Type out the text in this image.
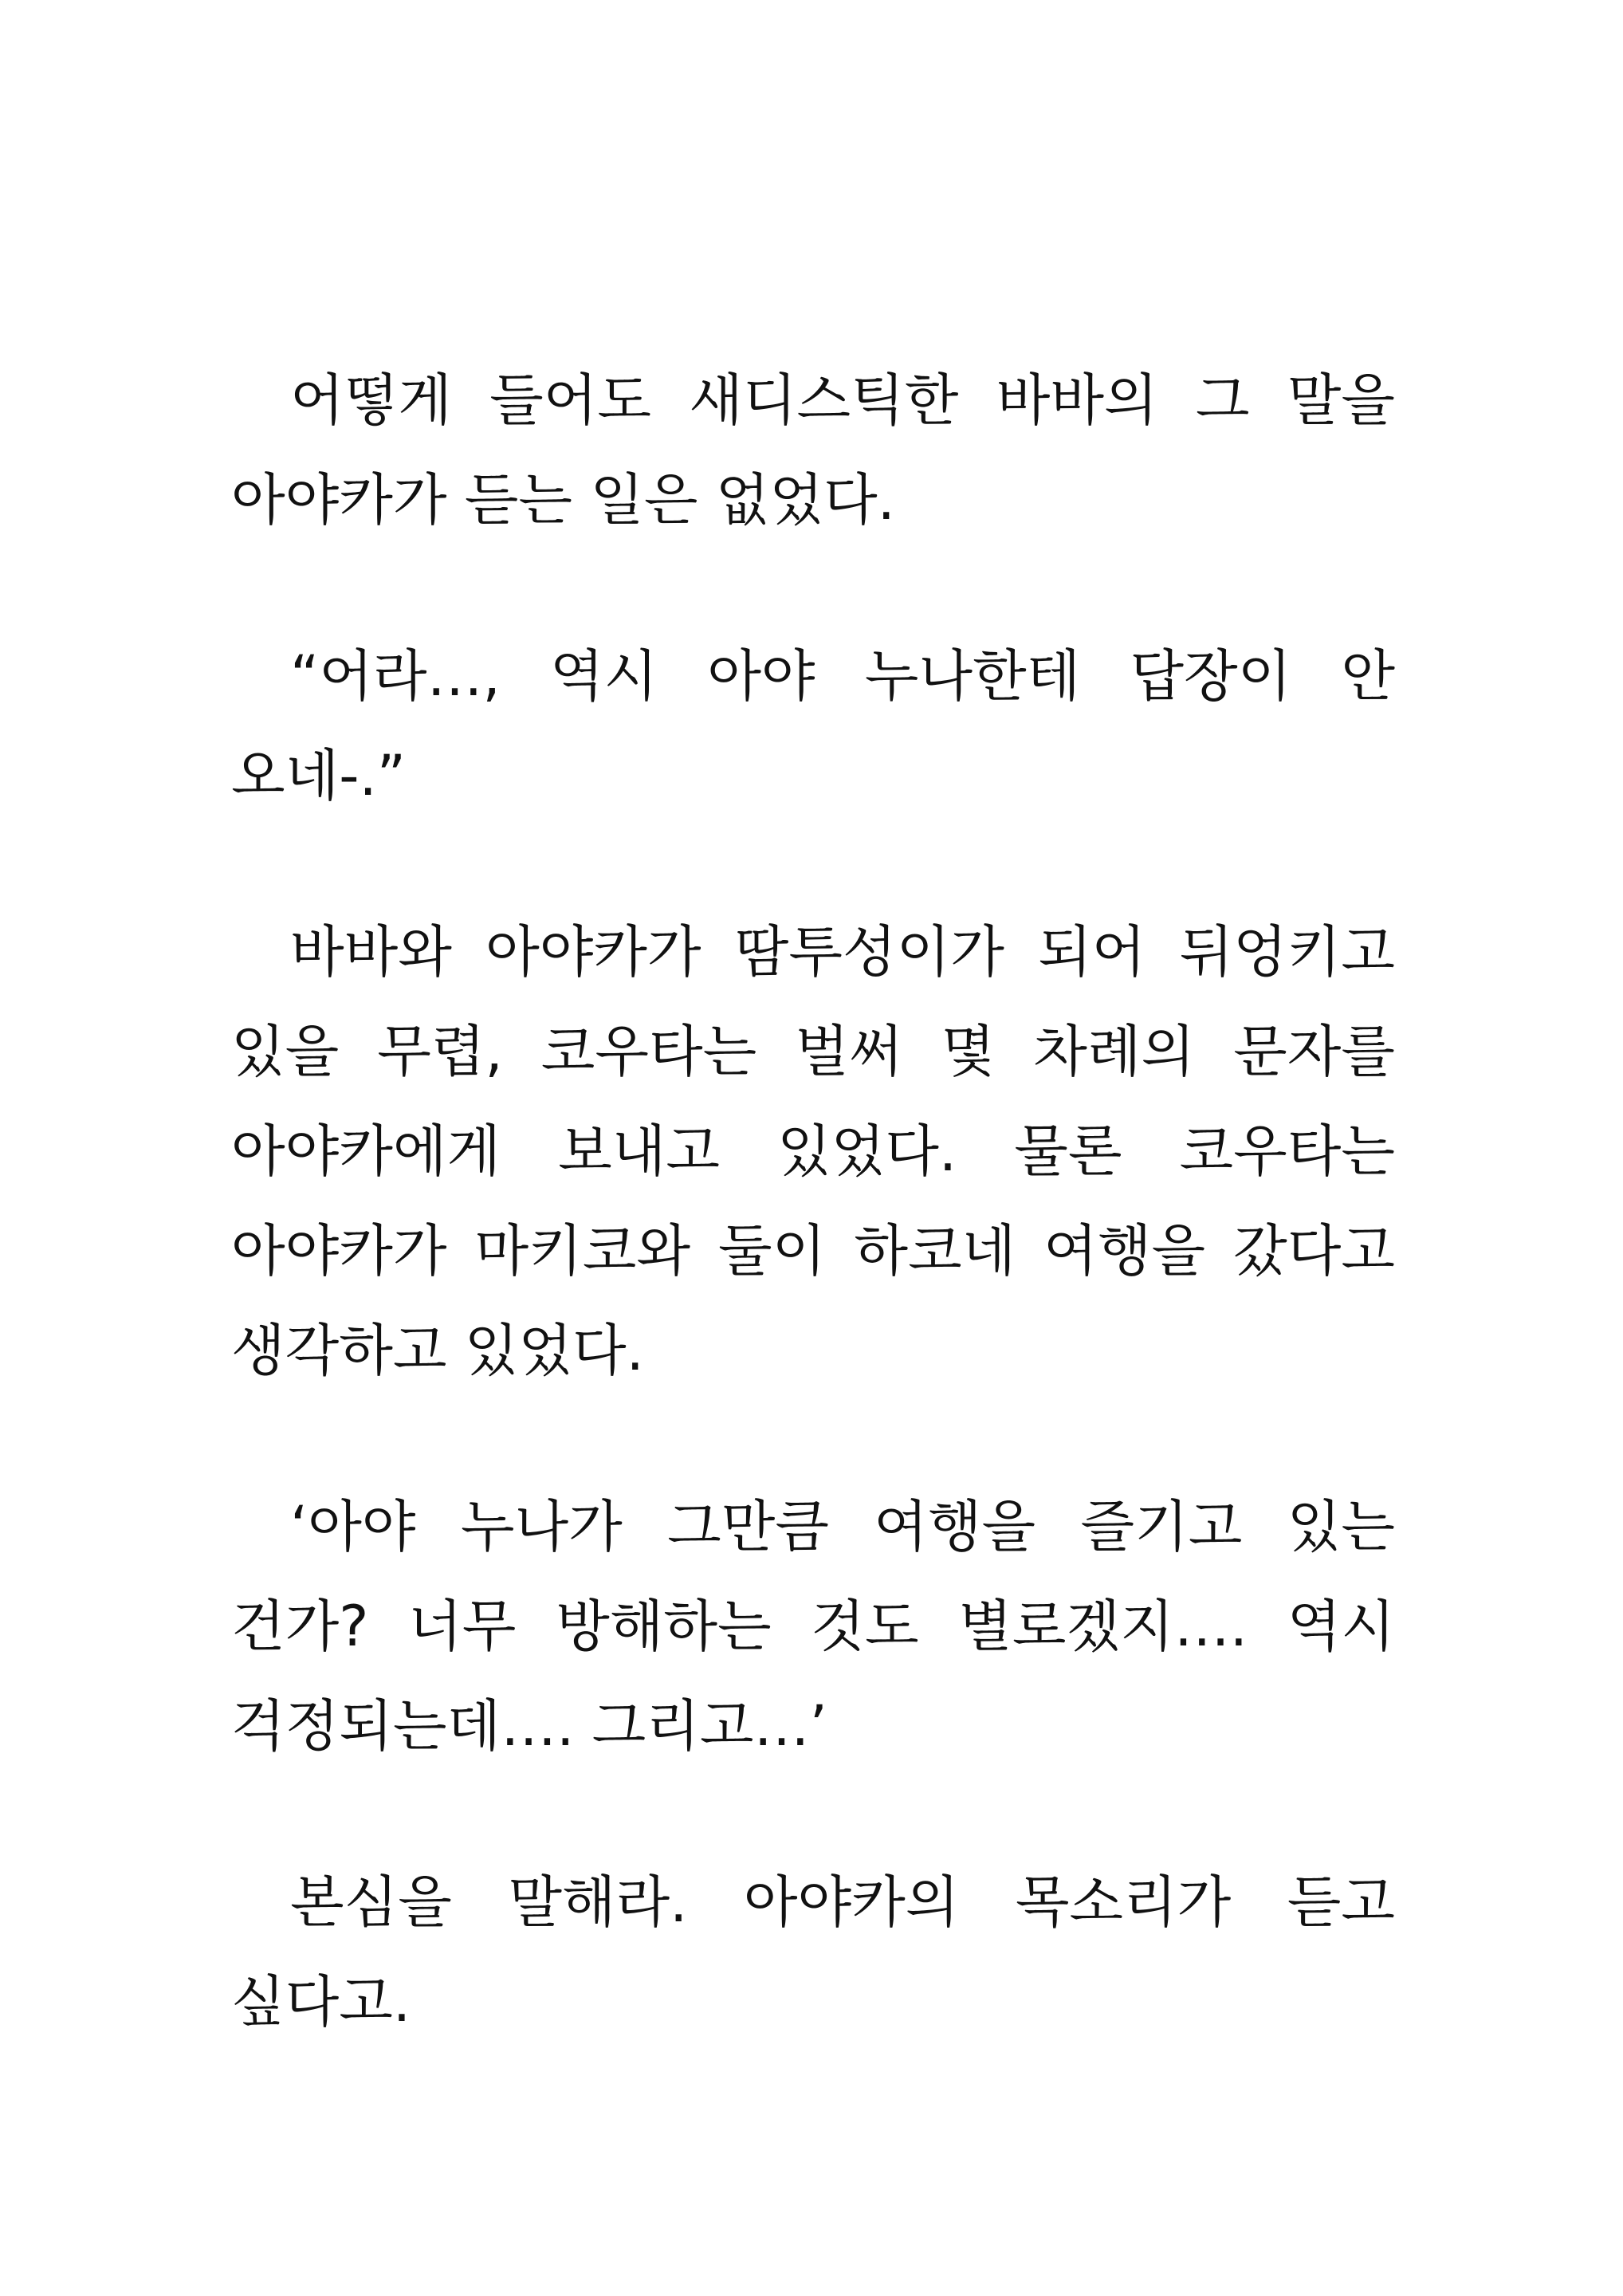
어떻게 들어도 새디스틱한 바바의 그 말을 아야카가 듣는 일은 없었다.

“어라…, 역시 아야 누나한테 답장이 안 오네-.”

바바와 아야카가 땀투성이가 되어 뒤엉키고 있을 무렵, 코우타는 벌써 몇 차례의 문자를 아야카에게 보내고 있었다. 물론 코우타는 아야카가 마키코와 둘이 하코네 여행을 갔다고 생각하고 있었다.

‘아야 누나가 그만큼 여행을 즐기고 있는 건가? 너무 방해하는 것도 별로겠지…. 역시 걱정되는데…. 그리고…’

본심을 말해라. 아야카의 목소리가 듣고 싶다고.
